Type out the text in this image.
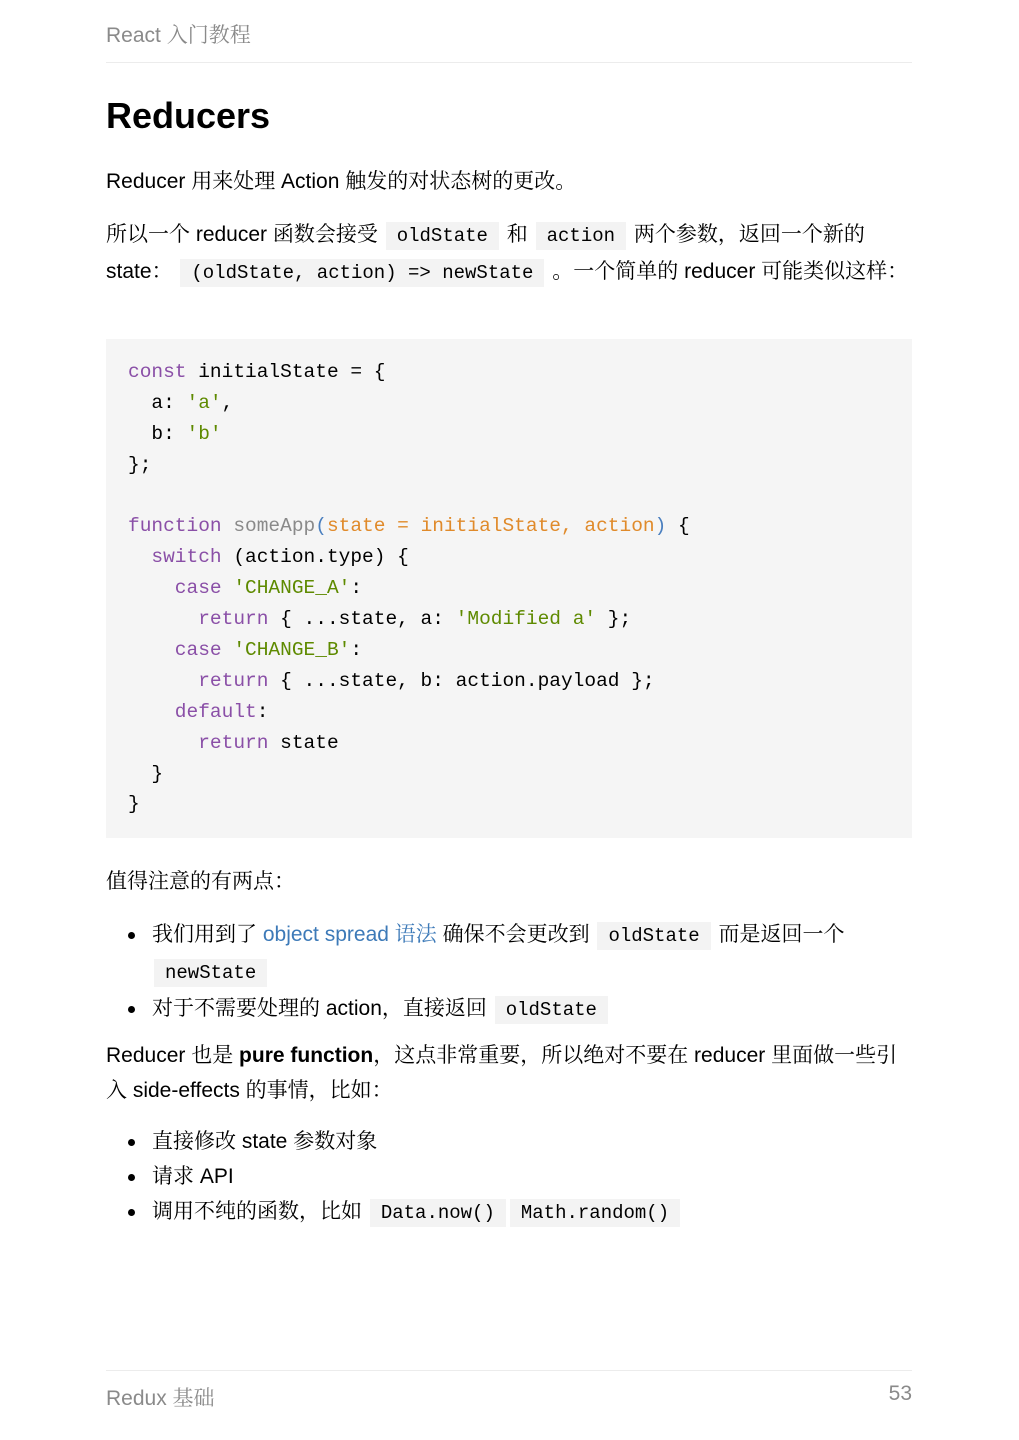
React 入门教程
Reducers

Reducer 用来处理 Action 触发的对状态树的更改。

所以一个 reducer 函数会接受 oldState 和 action 两个参数，返回一个新的 state： (oldState, action) => newState 。一个简单的 reducer 可能类似这样：

const initialState = {
a: 'a',
b: 'b'
};
function someApp(state = initialState, action) {
switch (action.type) {
case 'CHANGE_A':
return { ...state, a: 'Modified a' };
case 'CHANGE_B':
return { ...state, b: action.payload };
default:
return state
}
}

值得注意的有两点：

我们用到了 object spread 语法 确保不会更改到 oldState 而是返回一个 newState
对于不需要处理的 action，直接返回 oldState

Reducer 也是 pure function，这点非常重要，所以绝对不要在 reducer 里面做一些引入 side-effects 的事情，比如：

直接修改 state 参数对象
请求 API
调用不纯的函数，比如 Data.now() Math.random()
Redux 基础	53
